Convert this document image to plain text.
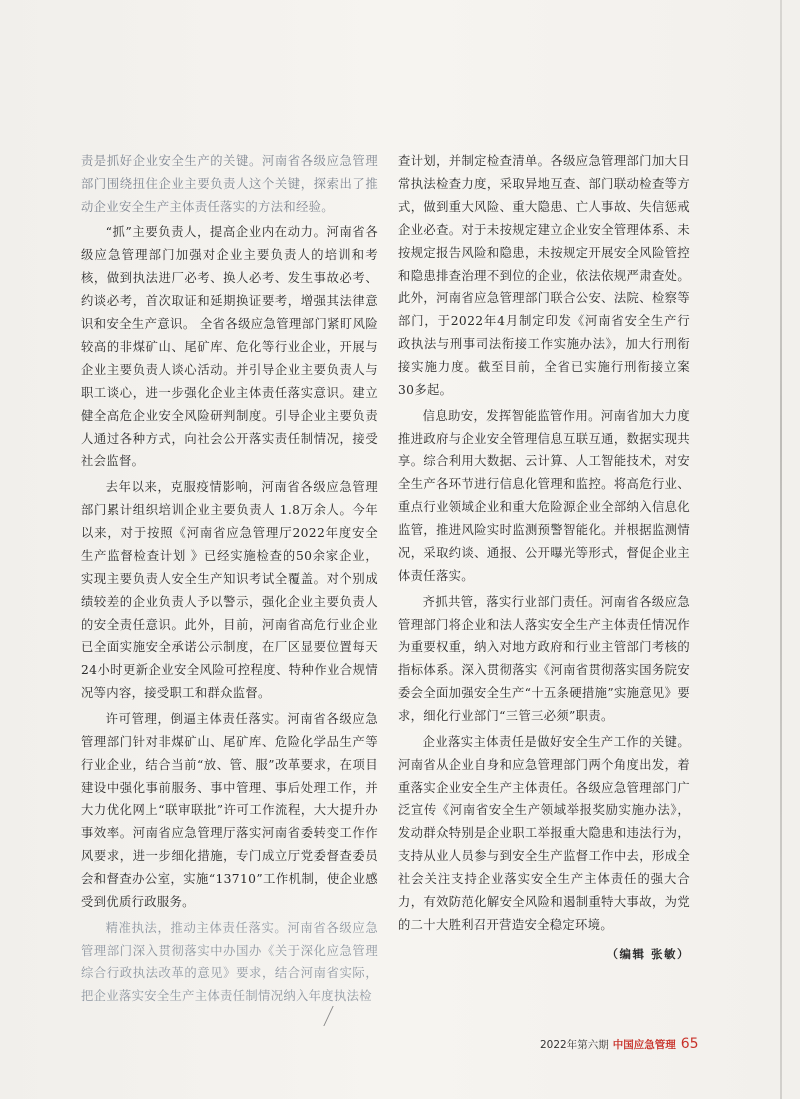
责是抓好企业安全生产的关键。河南省各级应急管理部门围绕扭住企业主要负责人这个关键，探索出了推动企业安全生产主体责任落实的方法和经验。

“抓”主要负责人，提高企业内在动力。河南省各级应急管理部门加强对企业主要负责人的培训和考核，做到执法进厂必考、换人必考、发生事故必考、约谈必考，首次取证和延期换证要考，增强其法律意识和安全生产意识。 全省各级应急管理部门紧盯风险较高的非煤矿山、尾矿库、危化等行业企业，开展与企业主要负责人谈心活动。并引导企业主要负责人与职工谈心，进一步强化企业主体责任落实意识。建立健全高危企业安全风险研判制度。引导企业主要负责人通过各种方式，向社会公开落实责任制情况，接受社会监督。

去年以来，克服疫情影响，河南省各级应急管理部门累计组织培训企业主要负责人 1.8万余人。今年以来，对于按照《河南省应急管理厅2022年度安全生产监督检查计划 》已经实施检查的50余家企业，实现主要负责人安全生产知识考试全覆盖。对个别成绩较差的企业负责人予以警示，强化企业主要负责人的安全责任意识。此外，目前，河南省高危行业企业已全面实施安全承诺公示制度，在厂区显要位置每天24小时更新企业安全风险可控程度、特种作业合规情况等内容，接受职工和群众监督。

许可管理，倒逼主体责任落实。河南省各级应急管理部门针对非煤矿山、尾矿库、危险化学品生产等行业企业，结合当前“放、管、服”改革要求，在项目建设中强化事前服务、事中管理、事后处理工作，并大力优化网上“联审联批”许可工作流程，大大提升办事效率。河南省应急管理厅落实河南省委转变工作作风要求，进一步细化措施，专门成立厅党委督查委员会和督查办公室，实施“13710”工作机制，使企业感受到优质行政服务。

精准执法，推动主体责任落实。河南省各级应急管理部门深入贯彻落实中办国办《关于深化应急管理综合行政执法改革的意见》要求，结合河南省实际，把企业落实安全生产主体责任制情况纳入年度执法检

查计划，并制定检查清单。各级应急管理部门加大日常执法检查力度，采取异地互查、部门联动检查等方式，做到重大风险、重大隐患、亡人事故、失信惩戒企业必查。对于未按规定建立企业安全管理体系、未按规定报告风险和隐患，未按规定开展安全风险管控和隐患排查治理不到位的企业，依法依规严肃查处。此外，河南省应急管理部门联合公安、法院、检察等部门，于2022年4月制定印发《河南省安全生产行政执法与刑事司法衔接工作实施办法》，加大行刑衔接实施力度。截至目前，全省已实施行刑衔接立案30多起。

信息助安，发挥智能监管作用。河南省加大力度推进政府与企业安全管理信息互联互通，数据实现共享。综合利用大数据、云计算、人工智能技术，对安全生产各环节进行信息化管理和监控。将高危行业、重点行业领域企业和重大危险源企业全部纳入信息化监管，推进风险实时监测预警智能化。并根据监测情况，采取约谈、通报、公开曝光等形式，督促企业主体责任落实。

齐抓共管，落实行业部门责任。河南省各级应急管理部门将企业和法人落实安全生产主体责任情况作为重要权重，纳入对地方政府和行业主管部门考核的指标体系。深入贯彻落实《河南省贯彻落实国务院安委会全面加强安全生产“十五条硬措施”实施意见》要求，细化行业部门“三管三必须”职责。

企业落实主体责任是做好安全生产工作的关键。河南省从企业自身和应急管理部门两个角度出发，着重落实企业安全生产主体责任。各级应急管理部门广泛宣传《河南省安全生产领域举报奖励实施办法》，发动群众特别是企业职工举报重大隐患和违法行为，支持从业人员参与到安全生产监督工作中去，形成全社会关注支持企业落实安全生产主体责任的强大合力，有效防范化解安全风险和遏制重特大事故，为党的二十大胜利召开营造安全稳定环境。

（编辑 张敏）

2022年第六期 中国应急管理 65
